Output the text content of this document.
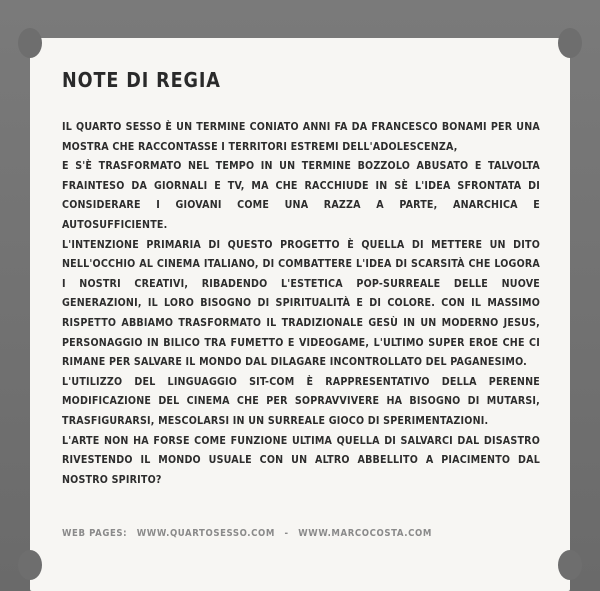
NOTE DI REGIA

IL QUARTO SESSO È UN TERMINE CONIATO ANNI FA DA FRANCESCO BONAMI PER UNA MOSTRA CHE RACCONTASSE I TERRITORI ESTREMI DELL'ADOLESCENZA,

E S'È TRASFORMATO NEL TEMPO IN UN TERMINE BOZZOLO ABUSATO E TALVOLTA FRAINTESO DA GIORNALI E TV, MA CHE RACCHIUDE IN SÈ L'IDEA SFRONTATA DI CONSIDERARE I GIOVANI COME UNA RAZZA A PARTE, ANARCHICA E AUTOSUFFICIENTE.

L'INTENZIONE PRIMARIA DI QUESTO PROGETTO È QUELLA DI METTERE UN DITO NELL'OCCHIO AL CINEMA ITALIANO, DI COMBATTERE L'IDEA DI SCARSITÀ CHE LOGORA I NOSTRI CREATIVI, RIBADENDO L'ESTETICA POP-SURREALE DELLE NUOVE GENERAZIONI, IL LORO BISOGNO DI SPIRITUALITÀ E DI COLORE. CON IL MASSIMO RISPETTO ABBIAMO TRASFORMATO IL TRADIZIONALE GESÙ IN UN MODERNO JESUS, PERSONAGGIO IN BILICO TRA FUMETTO E VIDEOGAME, L'ULTIMO SUPER EROE CHE CI RIMANE PER SALVARE IL MONDO DAL DILAGARE INCONTROLLATO DEL PAGANESIMO.

L'UTILIZZO DEL LINGUAGGIO SIT-COM È RAPPRESENTATIVO DELLA PERENNE MODIFICAZIONE DEL CINEMA CHE PER SOPRAVVIVERE HA BISOGNO DI MUTARSI, TRASFIGURARSI, MESCOLARSI IN UN SURREALE GIOCO DI SPERIMENTAZIONI.

L'ARTE NON HA FORSE COME FUNZIONE ULTIMA QUELLA DI SALVARCI DAL DISASTRO RIVESTENDO IL MONDO USUALE CON UN ALTRO ABBELLITO A PIACIMENTO DAL NOSTRO SPIRITO?

WEB PAGES: WWW.QUARTOSESSO.COM - WWW.MARCOCOSTA.COM
